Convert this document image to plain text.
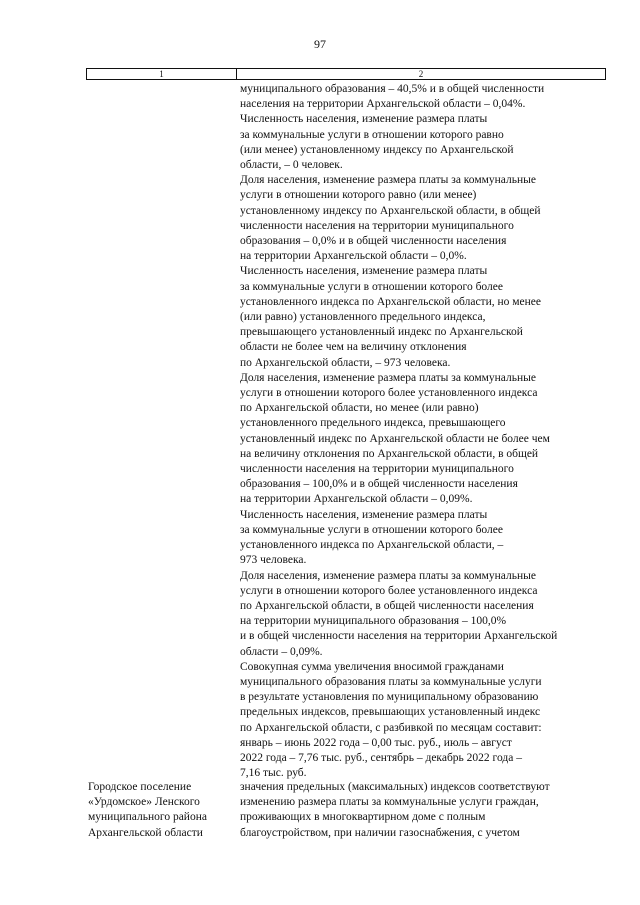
97
1	2
муниципального образования – 40,5% и в общей численности
населения на территории Архангельской области – 0,04%.
Численность населения, изменение размера платы
за коммунальные услуги в отношении которого равно
(или менее) установленному индексу по Архангельской
области, – 0 человек.
Доля населения, изменение размера платы за коммунальные
услуги в отношении которого равно (или менее)
установленному индексу по Архангельской области, в общей
численности населения на территории муниципального
образования – 0,0% и в общей численности населения
на территории Архангельской области – 0,0%.
Численность населения, изменение размера платы
за коммунальные услуги в отношении которого более
установленного индекса по Архангельской области, но менее
(или равно) установленного предельного индекса,
превышающего установленный индекс по Архангельской
области не более чем на величину отклонения
по Архангельской области, – 973 человека.
Доля населения, изменение размера платы за коммунальные
услуги в отношении которого более установленного индекса
по Архангельской области, но менее (или равно)
установленного предельного индекса, превышающего
установленный индекс по Архангельской области не более чем
на величину отклонения по Архангельской области, в общей
численности населения на территории муниципального
образования – 100,0% и в общей численности населения
на территории Архангельской области – 0,09%.
Численность населения, изменение размера платы
за коммунальные услуги в отношении которого более
установленного индекса по Архангельской области, –
973 человека.
Доля населения, изменение размера платы за коммунальные
услуги в отношении которого более установленного индекса
по Архангельской области, в общей численности населения
на территории муниципального образования – 100,0%
и в общей численности населения на территории Архангельской
области – 0,09%.
Совокупная сумма увеличения вносимой гражданами
муниципального образования платы за коммунальные услуги
в результате установления по муниципальному образованию
предельных индексов, превышающих установленный индекс
по Архангельской области, с разбивкой по месяцам составит:
январь – июнь 2022 года – 0,00 тыс. руб., июль – август
2022 года – 7,76 тыс. руб., сентябрь – декабрь 2022 года –
7,16 тыс. руб.
Городское поселение
«Урдомское» Ленского
муниципального района
Архангельской области
значения предельных (максимальных) индексов соответствуют
изменению размера платы за коммунальные услуги граждан,
проживающих в многоквартирном доме с полным
благоустройством, при наличии газоснабжения, с учетом
